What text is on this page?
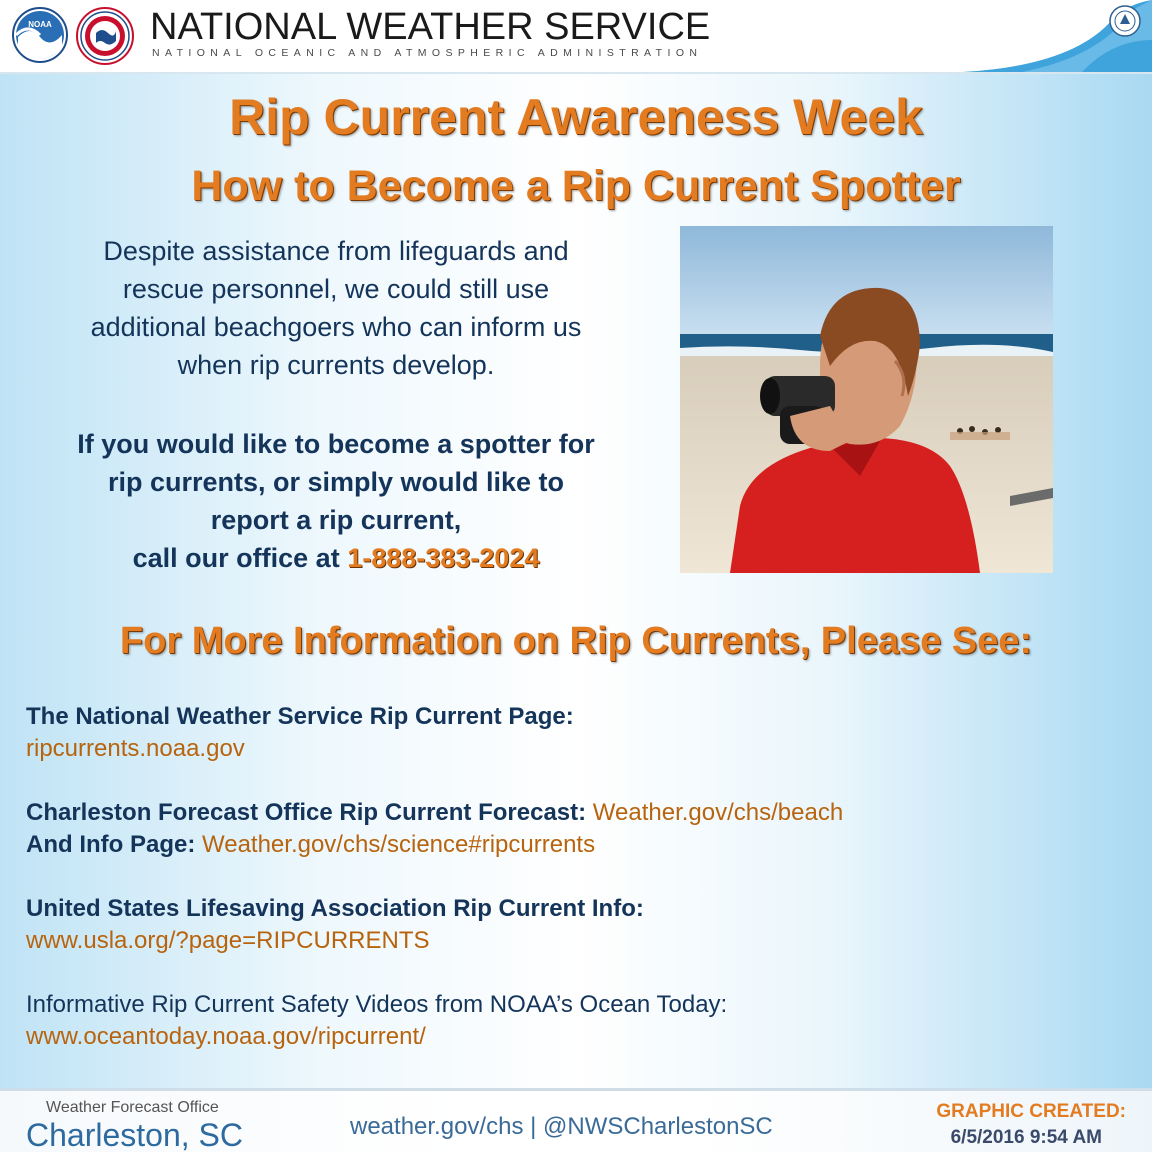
NOAA	NATIONAL WEATHER SERVICE
NATIONAL OCEANIC AND ATMOSPHERIC ADMINISTRATION
Rip Current Awareness Week
How to Become a Rip Current Spotter
Despite assistance from lifeguards and
rescue personnel, we could still use
additional beachgoers who can inform us
when rip currents develop.
If you would like to become a spotter for
rip currents, or simply would like to
report a rip current,
call our office at 1-888-383-2024
For More Information on Rip Currents, Please See:
The National Weather Service Rip Current Page:
ripcurrents.noaa.gov
Charleston Forecast Office Rip Current Forecast: Weather.gov/chs/beach
And Info Page: Weather.gov/chs/science#ripcurrents
United States Lifesaving Association Rip Current Info:
www.usla.org/?page=RIPCURRENTS
Informative Rip Current Safety Videos from NOAA’s Ocean Today:
www.oceantoday.noaa.gov/ripcurrent/
Weather Forecast Office
Charleston, SC	weather.gov/chs | @NWSCharlestonSC
GRAPHIC CREATED:
6/5/2016 9:54 AM
